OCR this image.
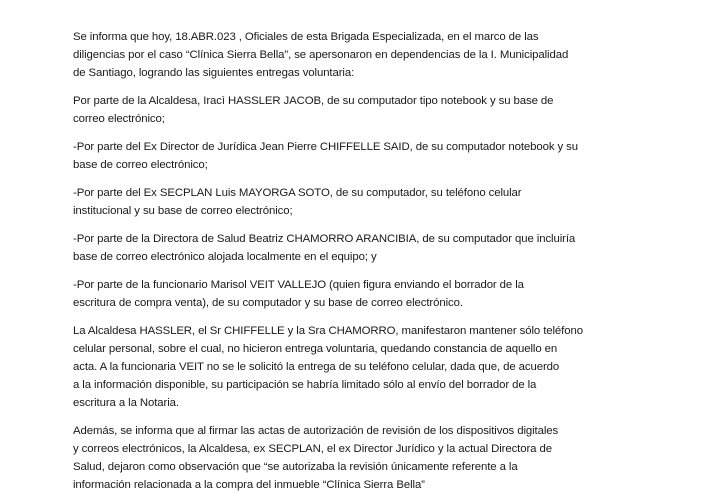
Se informa que hoy, 18.ABR.023 , Oficiales de esta Brigada Especializada, en el marco de las
diligencias por el caso “Clínica Sierra Bella”, se apersonaron en dependencias de la I. Municipalidad
de Santiago, logrando las siguientes entregas voluntaria:

Por parte de la Alcaldesa, Iracì HASSLER JACOB, de su computador tipo notebook y su base de
correo electrónico;

-Por parte del Ex Director de Jurídica Jean Pierre CHIFFELLE SAID, de su computador notebook y su
base de correo electrónico;

-Por parte del Ex SECPLAN Luis MAYORGA SOTO, de su computador, su teléfono celular
institucional y su base de correo electrónico;

-Por parte de la Directora de Salud Beatriz CHAMORRO ARANCIBIA, de su computador que incluiría
base de correo electrónico alojada localmente en el equipo; y

-Por parte de la funcionario Marisol VEIT VALLEJO (quien figura enviando el borrador de la
escritura de compra venta), de su computador y su base de correo electrónico.

La Alcaldesa HASSLER, el Sr CHIFFELLE y la Sra CHAMORRO, manifestaron mantener sólo teléfono
celular personal, sobre el cual, no hicieron entrega voluntaria, quedando constancia de aquello en
acta. A la funcionaria VEIT no se le solicitó la entrega de su teléfono celular, dada que, de acuerdo
a la información disponible, su participación se habría limitado sólo al envío del borrador de la
escritura a la Notaria.

Además, se informa que al firmar las actas de autorización de revisión de los dispositivos digitales
y correos electrónicos, la Alcaldesa, ex SECPLAN, el ex Director Jurídico y la actual Directora de
Salud, dejaron como observación que “se autorizaba la revisión únicamente referente a la
información relacionada a la compra del inmueble “Clínica Sierra Bella”
